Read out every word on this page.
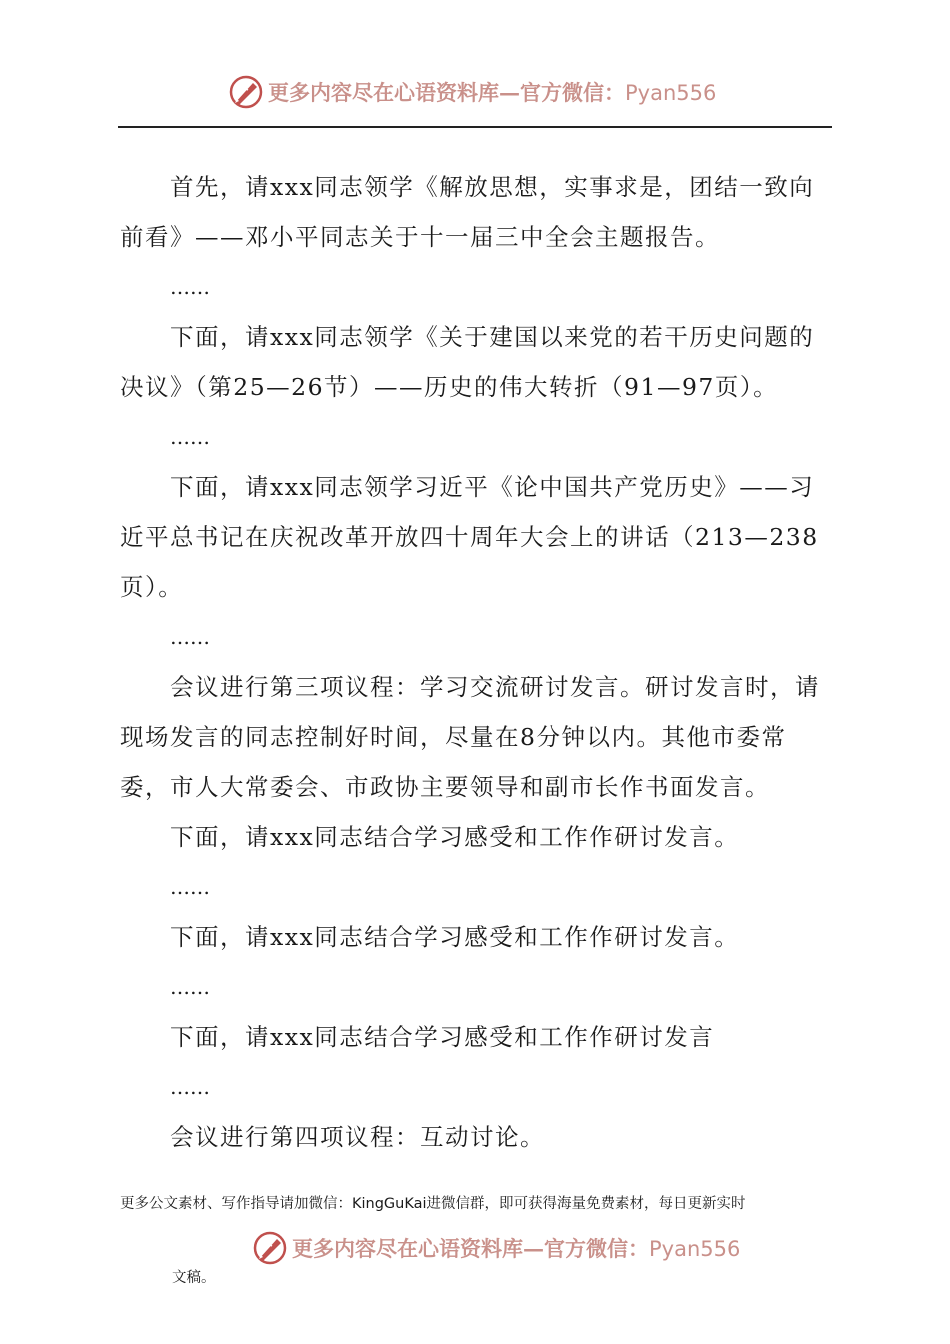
更多内容尽在心语资料库—官方微信：Pyan556
首先，请xxx同志领学《解放思想，实事求是，团结一致向前看》——邓小平同志关于十一届三中全会主题报告。
……
下面，请xxx同志领学《关于建国以来党的若干历史问题的决议》（第25—26节）——历史的伟大转折（91—97页）。
……
下面，请xxx同志领学习近平《论中国共产党历史》——习近平总书记在庆祝改革开放四十周年大会上的讲话（213—238页）。
……
会议进行第三项议程：学习交流研讨发言。研讨发言时，请现场发言的同志控制好时间，尽量在8分钟以内。其他市委常委，市人大常委会、市政协主要领导和副市长作书面发言。
下面，请xxx同志结合学习感受和工作作研讨发言。
……
下面，请xxx同志结合学习感受和工作作研讨发言。
……
下面，请xxx同志结合学习感受和工作作研讨发言
……
会议进行第四项议程：互动讨论。
更多公文素材、写作指导请加微信：KingGuKai进微信群，即可获得海量免费素材，每日更新实时
更多内容尽在心语资料库—官方微信：Pyan556
文稿。
